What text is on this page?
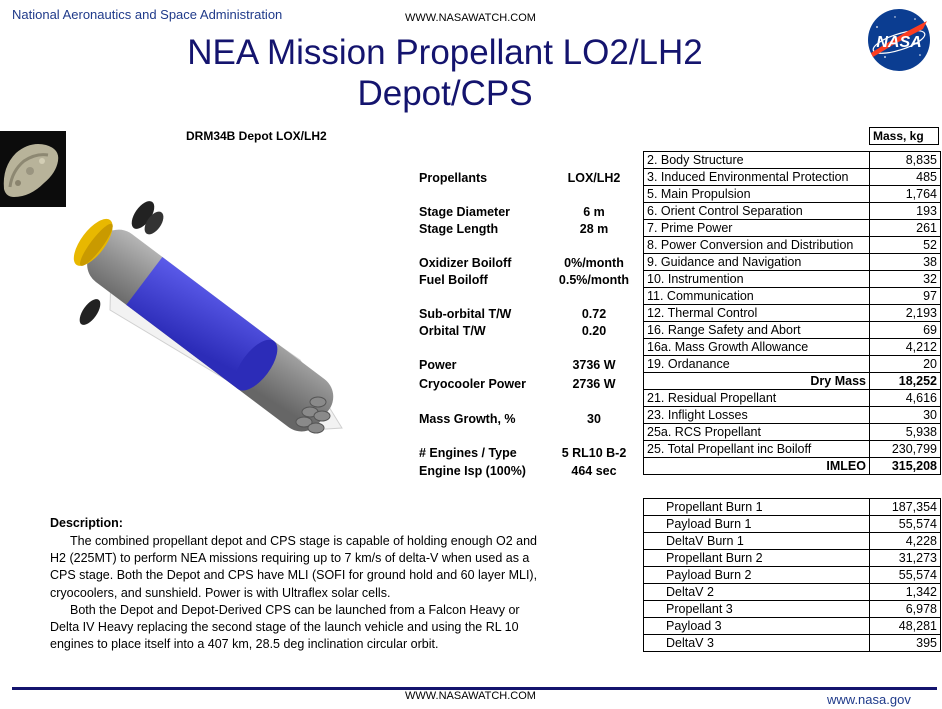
National Aeronautics and Space Administration	WWW.NASAWATCH.COM
NEA Mission Propellant LO2/LH2
Depot/CPS
NASA
DRM34B Depot LOX/LH2
Propellants	LOX/LH2
Stage Diameter	6 m
Stage Length	28 m
Oxidizer Boiloff	0%/month
Fuel Boiloff	0.5%/month
Sub-orbital T/W	0.72
Orbital T/W	0.20
Power	3736 W
Cryocooler Power	2736 W
Mass Growth, %	30
# Engines / Type	5 RL10 B-2
Engine Isp (100%)	464 sec
Mass, kg
2. Body Structure	8,835
3. Induced Environmental Protection	485
5. Main Propulsion	1,764
6. Orient Control Separation	193
7. Prime Power	261
8. Power Conversion and Distribution	52
9. Guidance and Navigation	38
10. Instrumention	32
11. Communication	97
12. Thermal Control	2,193
16. Range Safety and Abort	69
16a. Mass Growth Allowance	4,212
19. Ordanance	20
Dry Mass	18,252
21. Residual Propellant	4,616
23. Inflight Losses	30
25a. RCS Propellant	5,938
25. Total Propellant inc Boiloff	230,799
IMLEO	315,208
Propellant Burn 1	187,354
Payload Burn 1	55,574
DeltaV Burn 1	4,228
Propellant Burn 2	31,273
Payload Burn 2	55,574
DeltaV 2	1,342
Propellant 3	6,978
Payload 3	48,281
DeltaV 3	395
Description:

The combined propellant depot and CPS stage is capable of holding enough O2 and H2 (225MT) to perform NEA missions requiring up to 7 km/s of delta-V when used as a CPS stage. Both the Depot and CPS have MLI (SOFI for ground hold and 60 layer MLI), cryocoolers, and sunshield. Power is with Ultraflex solar cells.

Both the Depot and Depot-Derived CPS can be launched from a Falcon Heavy or Delta IV Heavy replacing the second stage of the launch vehicle and using the RL 10 engines to place itself into a 407 km, 28.5 deg inclination circular orbit.

WWW.NASAWATCH.COM	www.nasa.gov
